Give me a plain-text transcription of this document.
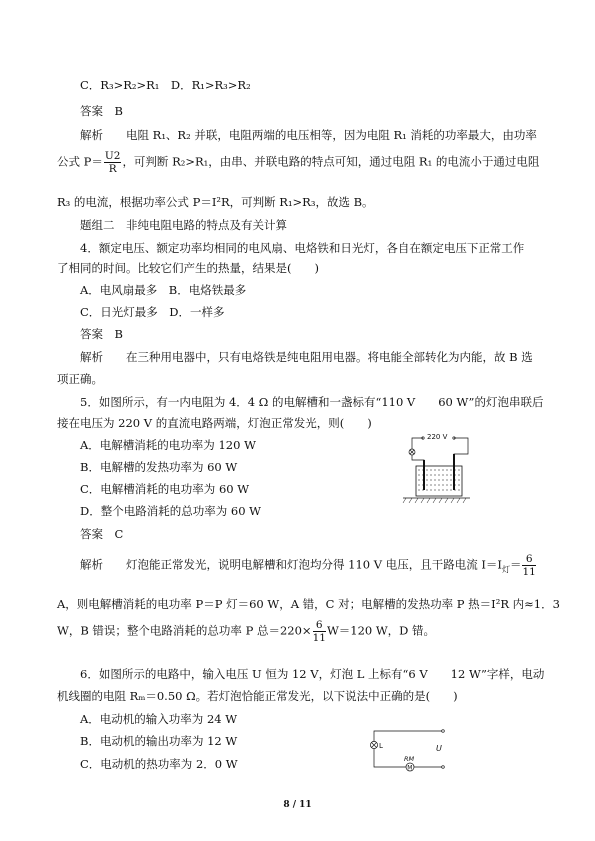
C．R₃>R₂>R₁　D．R₁>R₃>R₂
答案　B
解析　　电阻 R₁、R₂ 并联，电阻两端的电压相等，因为电阻 R₁ 消耗的功率最大，由功率
公式 $P= \frac{U2}{R}$ ，可判断 R₂>R₁，由串、并联电路的特点可知，通过电阻 R₁ 的电流小于通过电阻
R₃ 的电流，根据功率公式 P＝I²R，可判断 R₁>R₃，故选 B。
题组二　非纯电阻电路的特点及有关计算
4．额定电压、额定功率均相同的电风扇、电烙铁和日光灯，各自在额定电压下正常工作
了相同的时间。比较它们产生的热量，结果是(　　)
A．电风扇最多　B．电烙铁最多
C．日光灯最多　D．一样多
答案　B
解析　　在三种用电器中，只有电烙铁是纯电阻用电器。将电能全部转化为内能，故 B 选
项正确。
5．如图所示，有一内电阻为 4．4 Ω 的电解槽和一盏标有“110 V　　60 W”的灯泡串联后
接在电压为 220 V 的直流电路两端，灯泡正常发光，则(　　)
A．电解槽消耗的电功率为 120 W
B．电解槽的发热功率为 60 W
C．电解槽消耗的电功率为 60 W
D．整个电路消耗的总功率为 60 W
答案　C
220 V
解析　　灯泡能正常发光，说明电解槽和灯泡均分得 110 V 电压，且干路电流 $I=I_灯= \frac{6}{11}$
A，则电解槽消耗的电功率 P＝P 灯＝60 W，A 错，C 对；电解槽的发热功率 P 热＝I²R 内≈1．3
W，B 错误；整个电路消耗的总功率 P 总$=220\times \frac{6}{11} W=120$ W，D 错。
6．如图所示的电路中，输入电压 U 恒为 12 V，灯泡 L 上标有“6 V　　12 W”字样，电动
机线圈的电阻 Rₘ＝0.50 Ω。若灯泡恰能正常发光，以下说法中正确的是(　　)
A．电动机的输入功率为 24 W
B．电动机的输出功率为 12 W
C．电动机的热功率为 2．0 W
L	U
RM
M
8 / 11
